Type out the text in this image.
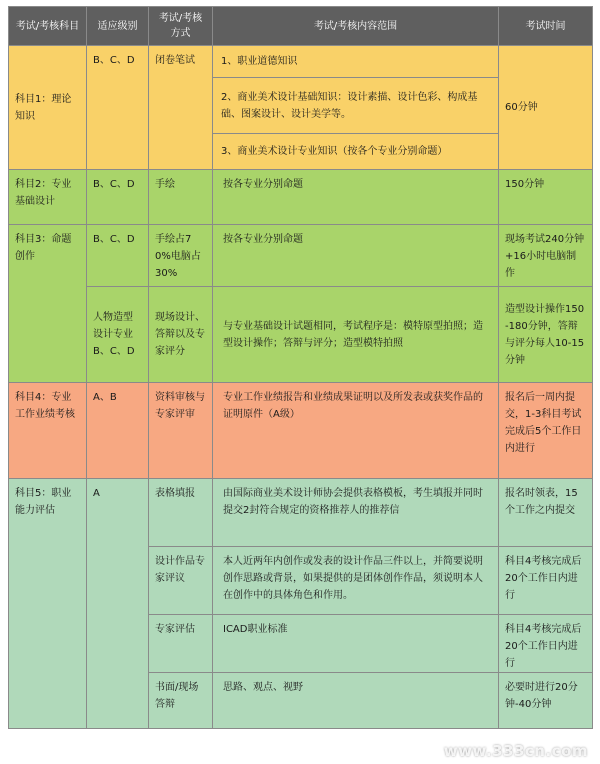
考试/考核科目	适应级别	考试/考核方式	考试/考核内容范围	考试时间
科目1：理论知识	B、C、D	闭卷笔试	1、职业道德知识	60分钟
			2、商业美术设计基础知识：设计素描、设计色彩、构成基础、图案设计、设计美学等。	
			3、商业美术设计专业知识（按各个专业分别命题）	
科目2：专业基础设计	B、C、D	手绘	按各专业分别命题	150分钟
科目3：命题创作	B、C、D	手绘占70%电脑占30%	按各专业分别命题	现场考试240分钟+16小时电脑制作
	人物造型设计专业B、C、D	现场设计、答辩以及专家评分	与专业基础设计试题相同，考试程序是：模特原型拍照；造型设计操作；答辩与评分；造型模特拍照	造型设计操作150-180分钟，答辩与评分每人10-15分钟
科目4：专业工作业绩考核	A、B	资料审核与专家评审	专业工作业绩报告和业绩成果证明以及所发表或获奖作品的证明原件（A级）	报名后一周内提交，1-3科目考试完成后5个工作日内进行
科目5：职业能力评估	A	表格填报	由国际商业美术设计师协会提供表格模板，考生填报并同时提交2封符合规定的资格推荐人的推荐信	报名时领表，15个工作之内提交
		设计作品专家评议	本人近两年内创作或发表的设计作品三件以上，并简要说明创作思路或背景，如果提供的是团体创作作品，须说明本人在创作中的具体角色和作用。	科目4考核完成后20个工作日内进行
		专家评估	ICAD职业标准	科目4考核完成后20个工作日内进行
		书面/现场答辩	思路、观点、视野	必要时进行20分钟-40分钟
www.333cn.com
